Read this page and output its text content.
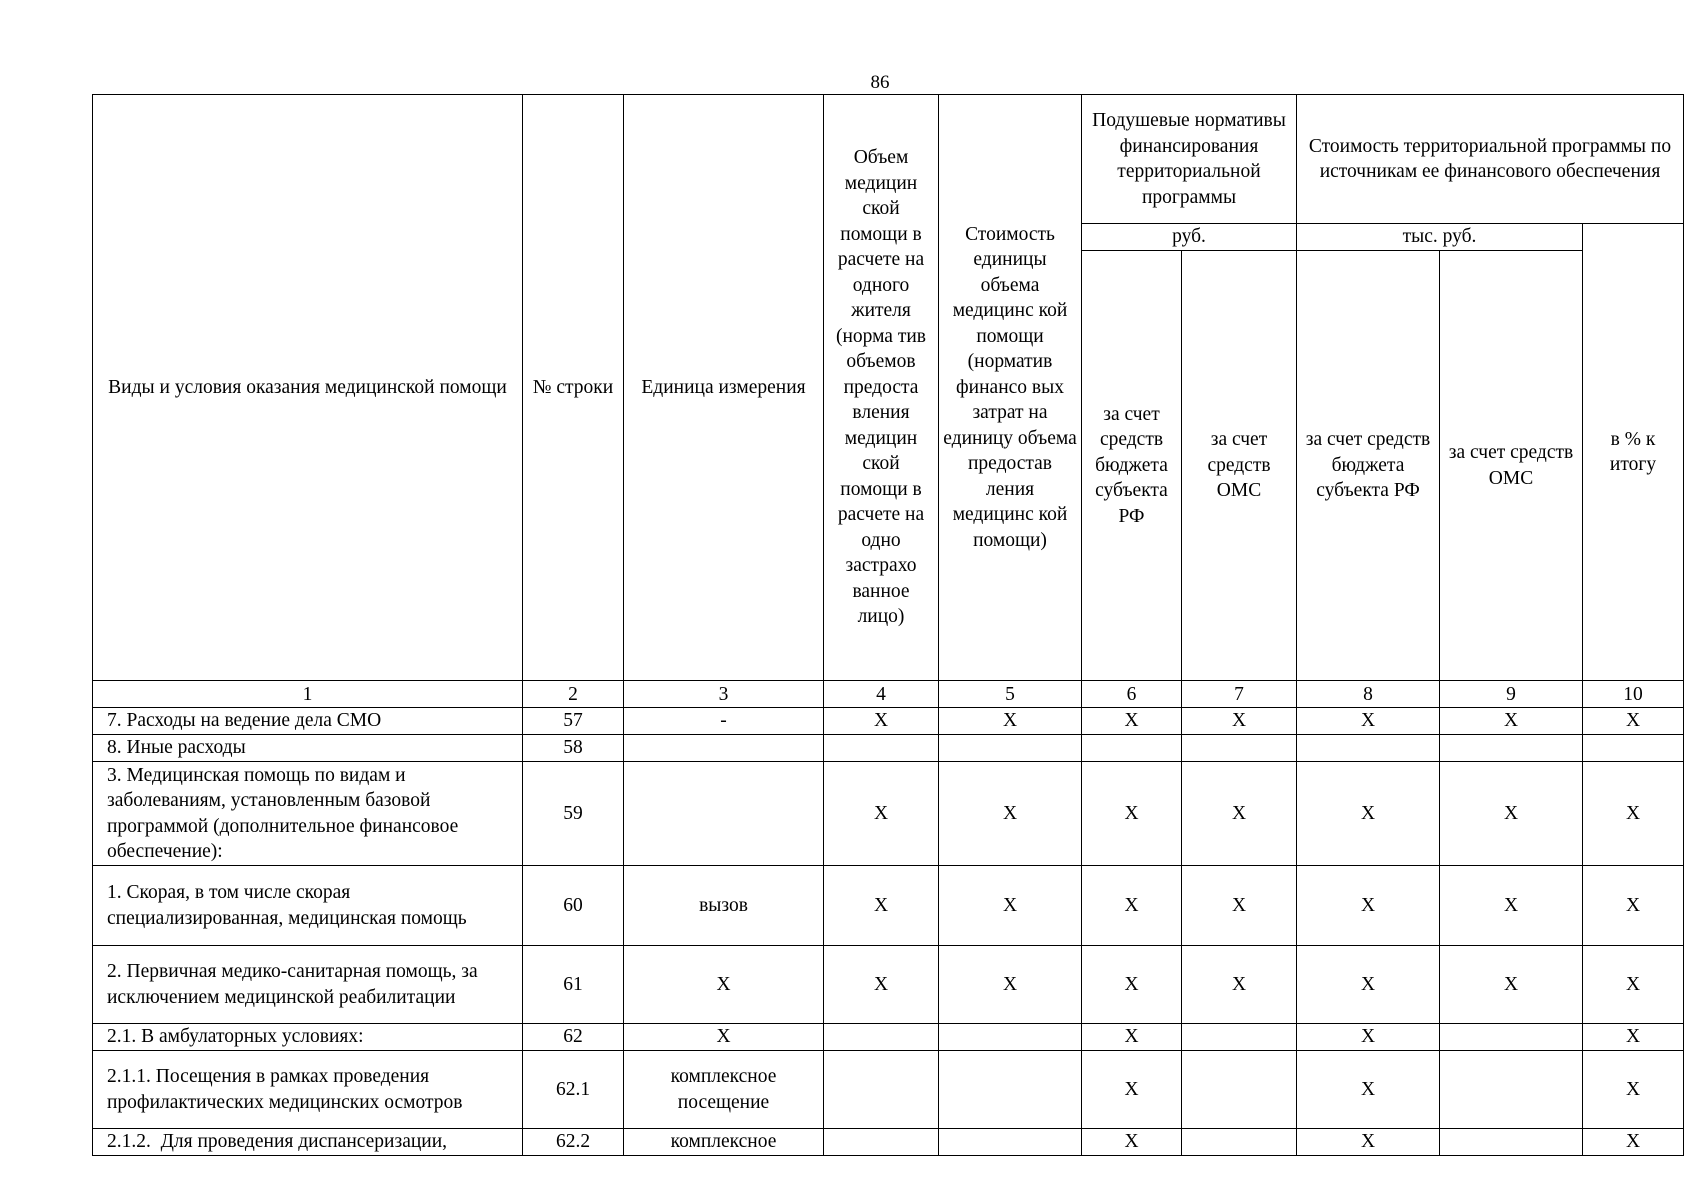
86
Виды и условия оказания медицинской помощи	№ строки	Единица измерения	Объем медицин ской помощи в расчете на одного жителя (норма тив объемов предоста вления медицин ской помощи в расчете на одно застрахо ванное лицо)	Стоимость единицы объема медицинс кой помощи (норматив финансо вых затрат на единицу объема предостав ления медицинс кой помощи)	Подушевые нормативы финансирования территориальной программы		Стоимость территориальной программы по источникам ее финансового обеспечения		
					руб.		тыс. руб.		в % к итогу
					за счет средств бюджета субъекта РФ	за счет средств ОМС	за счет средств бюджета субъекта РФ	за счет средств ОМС	
1	2	3	4	5	6	7	8	9	10
7. Расходы на ведение дела СМО	57	-	X	X	X	X	X	X	X
8. Иные расходы	58								
3. Медицинская помощь по видам и заболеваниям, установленным базовой программой (дополнительное финансовое обеспечение):	59		X	X	X	X	X	X	X
1. Скорая, в том числе скорая специализированная, медицинская помощь	60	вызов	X	X	X	X	X	X	X
2. Первичная медико-санитарная помощь, за исключением медицинской реабилитации	61	X	X	X	X	X	X	X	X
2.1. В амбулаторных условиях:	62	X			X		X		X
2.1.1. Посещения в рамках проведения профилактических медицинских осмотров	62.1	комплексное посещение			X		X		X
2.1.2.  Для проведения диспансеризации,	62.2	комплексное			X		X		X
